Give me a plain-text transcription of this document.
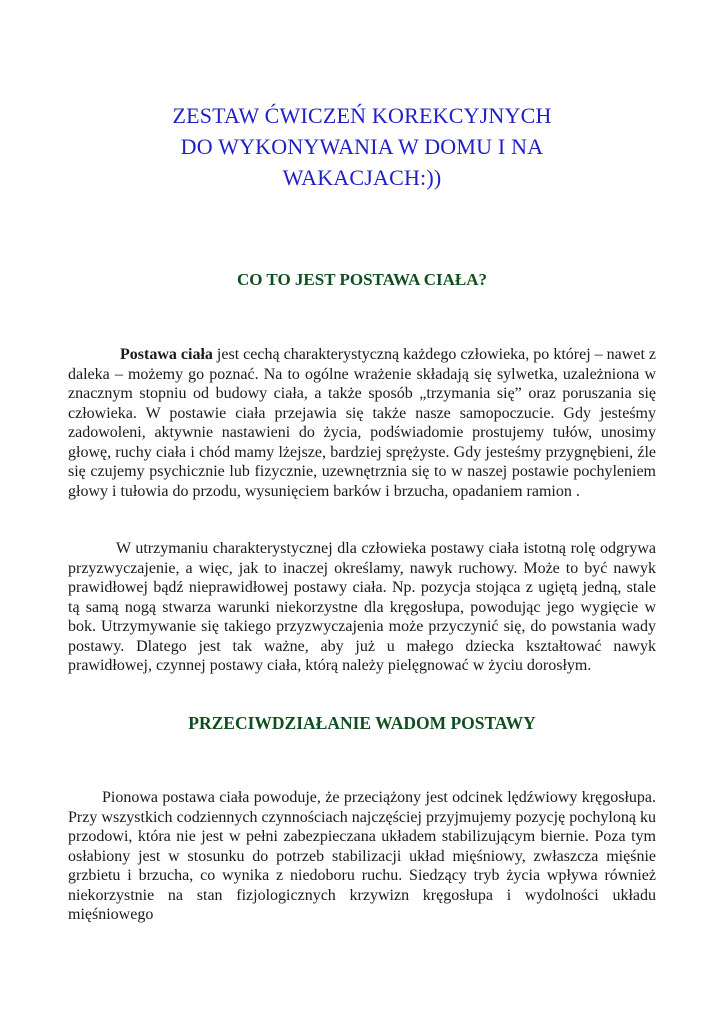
ZESTAW ĆWICZEŃ KOREKCYJNYCH
DO WYKONYWANIA W DOMU I NA
WAKACJACH:))
CO TO JEST POSTAWA CIAŁA?

Postawa ciała jest cechą charakterystyczną każdego człowieka, po której – nawet z daleka – możemy go poznać. Na to ogólne wrażenie składają się sylwetka, uzależniona w znacznym stopniu od budowy ciała, a także sposób „trzymania się” oraz poruszania się człowieka. W postawie ciała przejawia się także nasze samopoczucie. Gdy jesteśmy zadowoleni, aktywnie nastawieni do życia, podświadomie prostujemy tułów, unosimy głowę, ruchy ciała i chód mamy lżejsze, bardziej sprężyste. Gdy jesteśmy przygnębieni, źle się czujemy psychicznie lub fizycznie, uzewnętrznia się to w naszej postawie pochyleniem głowy i tułowia do przodu, wysunięciem barków i brzucha, opadaniem ramion .

W utrzymaniu charakterystycznej dla człowieka postawy ciała istotną rolę odgrywa przyzwyczajenie, a więc, jak to inaczej określamy, nawyk ruchowy. Może to być nawyk prawidłowej bądź nieprawidłowej postawy ciała. Np. pozycja stojąca z ugiętą jedną, stale tą samą nogą stwarza warunki niekorzystne dla kręgosłupa, powodując jego wygięcie w bok. Utrzymywanie się takiego przyzwyczajenia może przyczynić się, do powstania wady postawy. Dlatego jest tak ważne, aby już u małego dziecka kształtować nawyk prawidłowej, czynnej postawy ciała, którą należy pielęgnować w życiu dorosłym.

PRZECIWDZIAŁANIE WADOM POSTAWY

Pionowa postawa ciała powoduje, że przeciążony jest odcinek lędźwiowy kręgosłupa. Przy wszystkich codziennych czynnościach najczęściej przyjmujemy pozycję pochyloną ku przodowi, która nie jest w pełni zabezpieczana układem stabilizującym biernie. Poza tym osłabiony jest w stosunku do potrzeb stabilizacji układ mięśniowy, zwłaszcza mięśnie grzbietu i brzucha, co wynika z niedoboru ruchu. Siedzący tryb życia wpływa również niekorzystnie na stan fizjologicznych krzywizn kręgosłupa i wydolności układu mięśniowego
